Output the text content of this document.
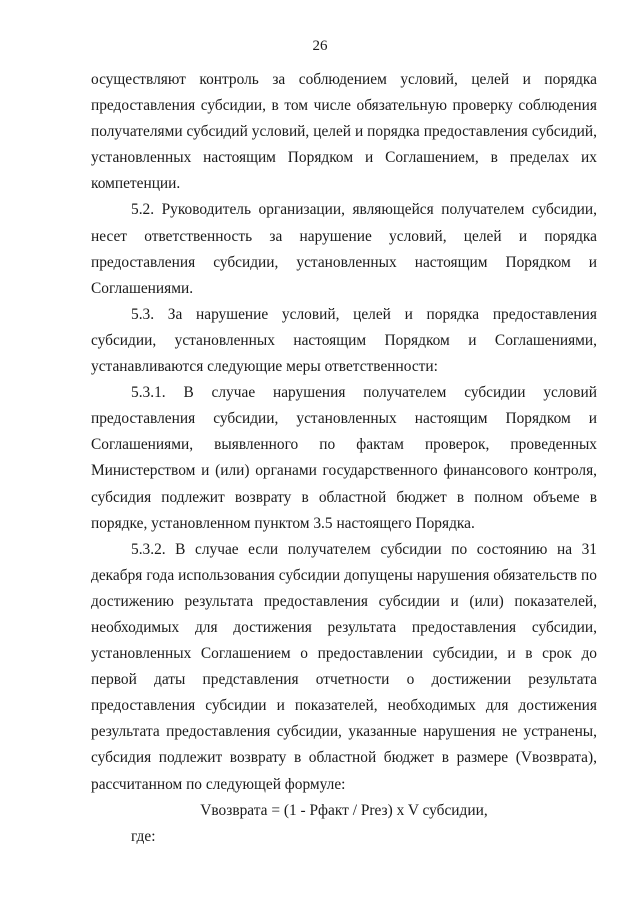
26

осуществляют контроль за соблюдением условий, целей и порядка предоставления субсидии, в том числе обязательную проверку соблюдения получателями субсидий условий, целей и порядка предоставления субсидий, установленных настоящим Порядком и Соглашением, в пределах их компетенции.

5.2. Руководитель организации, являющейся получателем субсидии, несет ответственность за нарушение условий, целей и порядка предоставления субсидии, установленных настоящим Порядком и Соглашениями.

5.3. За нарушение условий, целей и порядка предоставления субсидии, установленных настоящим Порядком и Соглашениями, устанавливаются следующие меры ответственности:

5.3.1. В случае нарушения получателем субсидии условий предоставления субсидии, установленных настоящим Порядком и Соглашениями, выявленного по фактам проверок, проведенных Министерством и (или) органами государственного финансового контроля, субсидия подлежит возврату в областной бюджет в полном объеме в порядке, установленном пунктом 3.5 настоящего Порядка.

5.3.2. В случае если получателем субсидии по состоянию на 31 декабря года использования субсидии допущены нарушения обязательств по достижению результата предоставления субсидии и (или) показателей, необходимых для достижения результата предоставления субсидии, установленных Соглашением о предоставлении субсидии, и в срок до первой даты представления отчетности о достижении результата предоставления субсидии и показателей, необходимых для достижения результата предоставления субсидии, указанные нарушения не устранены, субсидия подлежит возврату в областной бюджет в размере (Vвозврата), рассчитанном по следующей формуле:

Vвозврата = (1 - Рфакт / Рrез) x V субсидии,

где:
